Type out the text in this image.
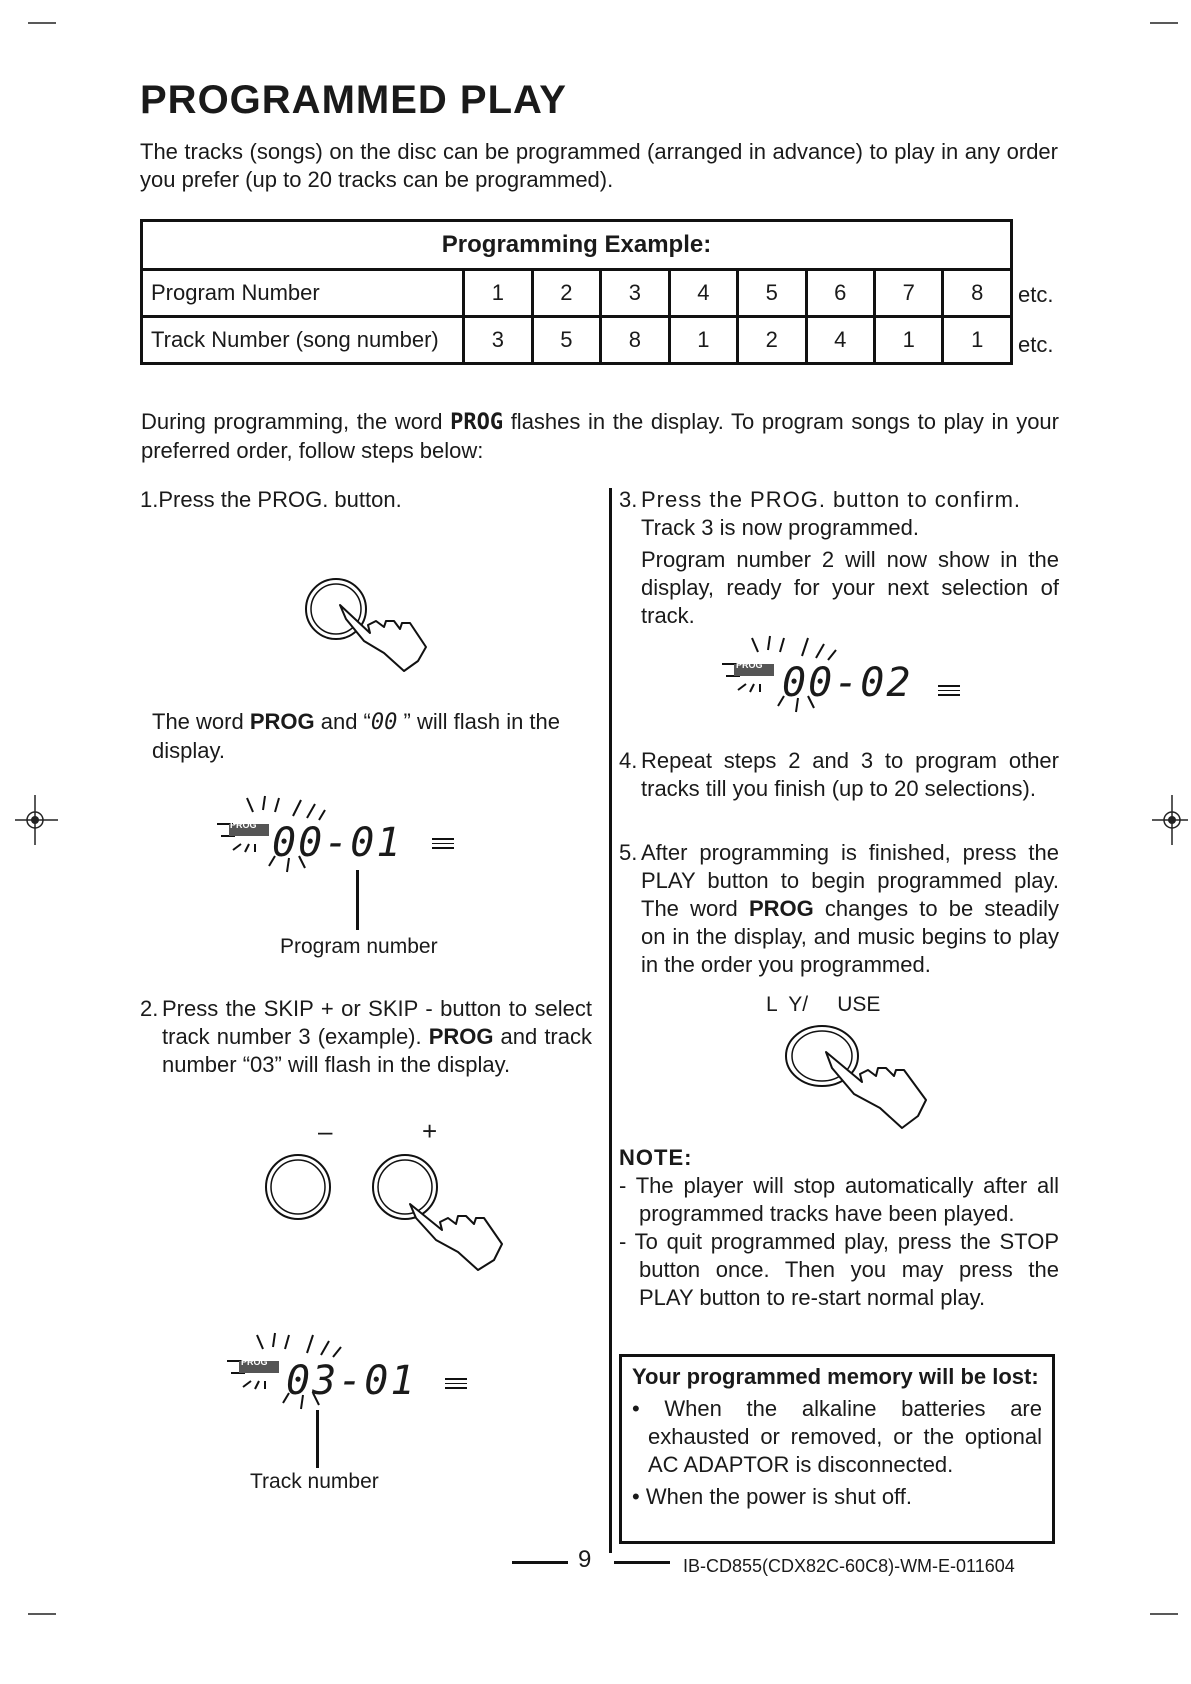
PROGRAMMED PLAY
The tracks (songs) on the disc can be programmed (arranged in advance) to play in any order you prefer (up to 20 tracks can be programmed).
Programming Example:								
Program Number	1	2	3	4	5	6	7	8
Track Number (song number)	3	5	8	1	2	4	1	1
etc.
etc.
During programming, the word PROG flashes in the display. To program songs to play in your preferred order, follow steps below:
1.Press the PROG. button.
The word PROG and “00 ” will flash in the display.
PROG 00-01
Program number
2. Press the SKIP + or SKIP - button to select track number 3 (example). PROG and track number “03” will flash in the display.
–	+
PROG 03-01
Track number
3. Press the PROG. button to confirm.
Track 3 is now programmed.
Program number 2 will now show in the display, ready for your next selection of track.
PROG 00-02
4. Repeat steps 2 and 3 to program other tracks till you finish (up to 20 selections).
5. After programming is finished, press the PLAY button to begin programmed play. The word PROG changes to be steadily on in the display, and music begins to play in the order you programmed.
L  Y/     USE
NOTE:

- The player will stop automatically after all programmed tracks have been played.

- To quit programmed play, press the STOP button once. Then you may press the PLAY button to re-start normal play.

Your programmed memory will be lost:

• When the alkaline batteries are exhausted or removed, or the optional AC ADAPTOR is disconnected.

• When the power is shut off.

9	IB-CD855(CDX82C-60C8)-WM-E-011604
